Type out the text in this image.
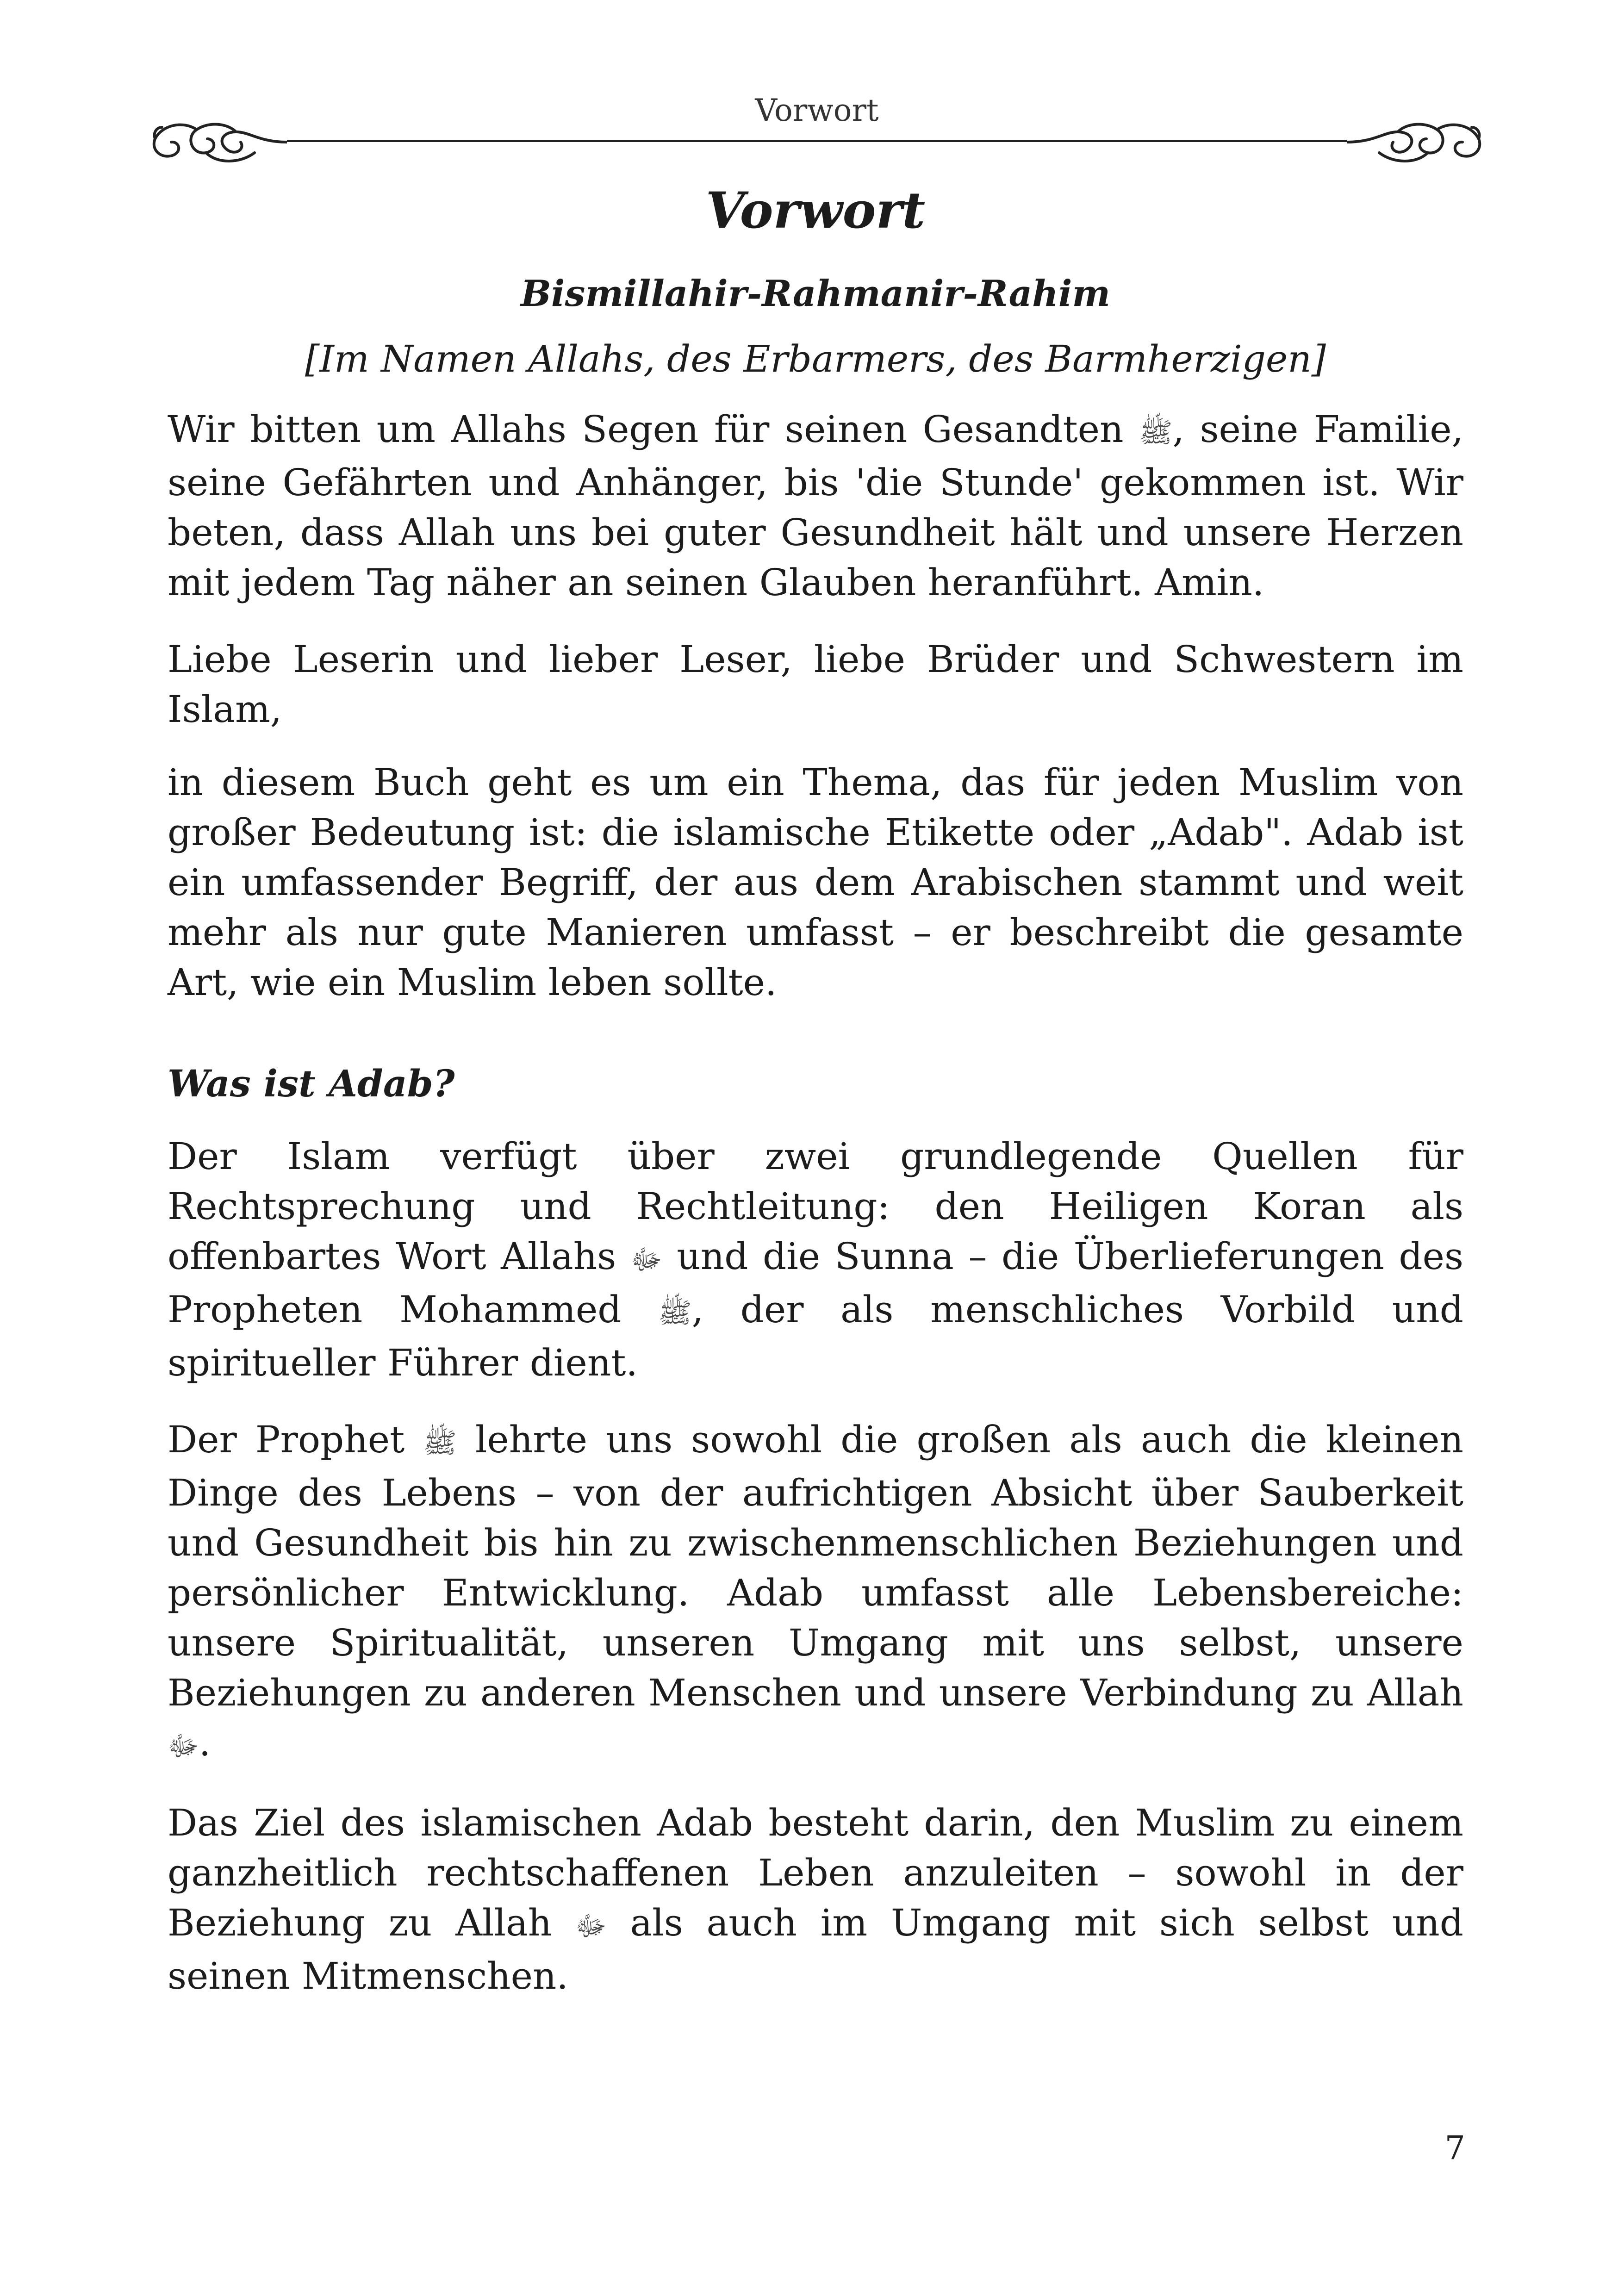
Vorwort
Vorwort
Bismillahir-Rahmanir-Rahim
[Im Namen Allahs, des Erbarmers, des Barmherzigen]

Wir bitten um Allahs Segen für seinen Gesandten ﷺ, seine Familie, seine Gefährten und Anhänger, bis 'die Stunde' gekommen ist. Wir beten, dass Allah uns bei guter Gesundheit hält und unsere Herzen mit jedem Tag näher an seinen Glauben heranführt. Amin.

Liebe Leserin und lieber Leser, liebe Brüder und Schwestern im Islam,

in diesem Buch geht es um ein Thema, das für jeden Muslim von großer Bedeutung ist: die islamische Etikette oder „Adab". Adab ist ein umfassender Begriff, der aus dem Arabischen stammt und weit mehr als nur gute Manieren umfasst – er beschreibt die gesamte Art, wie ein Muslim leben sollte.

Was ist Adab?

Der Islam verfügt über zwei grundlegende Quellen für Rechtsprechung und Rechtleitung: den Heiligen Koran als offenbartes Wort Allahs ﷻ und die Sunna – die Überlieferungen des Propheten Mohammed ﷺ, der als menschliches Vorbild und spiritueller Führer dient.

Der Prophet ﷺ lehrte uns sowohl die großen als auch die kleinen Dinge des Lebens – von der aufrichtigen Absicht über Sauberkeit und Gesundheit bis hin zu zwischenmenschlichen Beziehungen und persönlicher Entwicklung. Adab umfasst alle Lebensbereiche: unsere Spiritualität, unseren Umgang mit uns selbst, unsere Beziehungen zu anderen Menschen und unsere Verbindung zu Allah ﷻ.

Das Ziel des islamischen Adab besteht darin, den Muslim zu einem ganzheitlich rechtschaffenen Leben anzuleiten – sowohl in der Beziehung zu Allah ﷻ als auch im Umgang mit sich selbst und seinen Mitmenschen.

7
